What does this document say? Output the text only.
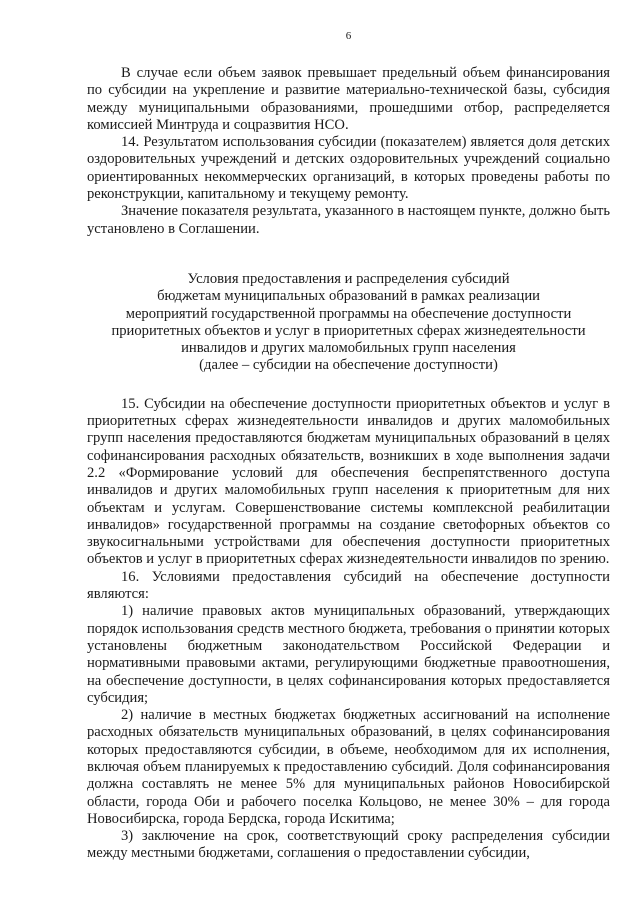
6

В случае если объем заявок превышает предельный объем финансирования по субсидии на укрепление и развитие материально-технической базы, субсидия между муниципальными образованиями, прошедшими отбор, распределяется комиссией Минтруда и соцразвития НСО.

14. Результатом использования субсидии (показателем) является доля детских оздоровительных учреждений и детских оздоровительных учреждений социально ориентированных некоммерческих организаций, в которых проведены работы по реконструкции, капитальному и текущему ремонту.

Значение показателя результата, указанного в настоящем пункте, должно быть установлено в Соглашении.

Условия предоставления и распределения субсидий
бюджетам муниципальных образований в рамках реализации
мероприятий государственной программы на обеспечение доступности
приоритетных объектов и услуг в приоритетных сферах жизнедеятельности
инвалидов и других маломобильных групп населения
(далее – субсидии на обеспечение доступности)

15. Субсидии на обеспечение доступности приоритетных объектов и услуг в приоритетных сферах жизнедеятельности инвалидов и других маломобильных групп населения предоставляются бюджетам муниципальных образований в целях софинансирования расходных обязательств, возникших в ходе выполнения задачи 2.2 «Формирование условий для обеспечения беспрепятственного доступа инвалидов и других маломобильных групп населения к приоритетным для них объектам и услугам. Совершенствование системы комплексной реабилитации инвалидов» государственной программы на создание светофорных объектов со звукосигнальными устройствами для обеспечения доступности приоритетных объектов и услуг в приоритетных сферах жизнедеятельности инвалидов по зрению.

16. Условиями предоставления субсидий на обеспечение доступности являются:

1) наличие правовых актов муниципальных образований, утверждающих порядок использования средств местного бюджета, требования о принятии которых установлены бюджетным законодательством Российской Федерации и нормативными правовыми актами, регулирующими бюджетные правоотношения, на обеспечение доступности, в целях софинансирования которых предоставляется субсидия;

2) наличие в местных бюджетах бюджетных ассигнований на исполнение расходных обязательств муниципальных образований, в целях софинансирования которых предоставляются субсидии, в объеме, необходимом для их исполнения, включая объем планируемых к предоставлению субсидий. Доля софинансирования должна составлять не менее 5% для муниципальных районов Новосибирской области, города Оби и рабочего поселка Кольцово, не менее 30% – для города Новосибирска, города Бердска, города Искитима;

3) заключение на срок, соответствующий сроку распределения субсидии между местными бюджетами, соглашения о предоставлении субсидии,
